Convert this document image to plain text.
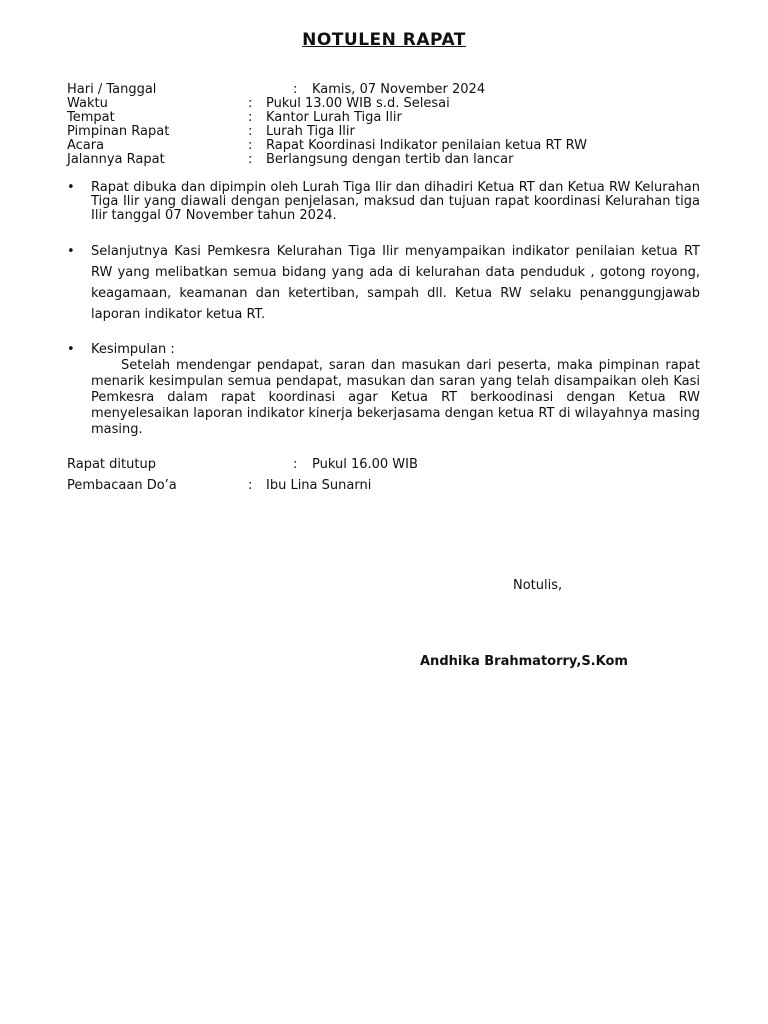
NOTULEN RAPAT
Hari / Tanggal	: Kamis, 07 November 2024
Waktu	: Pukul 13.00 WIB s.d. Selesai
Tempat	: Kantor Lurah Tiga Ilir
Pimpinan Rapat	: Lurah Tiga Ilir
Acara	: Rapat Koordinasi Indikator penilaian ketua RT RW
Jalannya Rapat	: Berlangsung dengan tertib dan lancar
•	Rapat dibuka dan dipimpin oleh Lurah Tiga Ilir dan dihadiri Ketua RT dan Ketua RW Kelurahan Tiga Ilir yang diawali dengan penjelasan, maksud dan tujuan rapat koordinasi Kelurahan tiga Ilir tanggal 07 November tahun 2024.
•	Selanjutnya Kasi Pemkesra Kelurahan Tiga Ilir menyampaikan indikator penilaian ketua RT RW yang melibatkan semua bidang yang ada di kelurahan data penduduk , gotong royong, keagamaan, keamanan dan ketertiban, sampah dll. Ketua RW selaku penanggungjawab laporan indikator ketua RT.
•	Kesimpulan :
Setelah mendengar pendapat, saran dan masukan dari peserta, maka pimpinan rapat menarik kesimpulan semua pendapat, masukan dan saran yang telah disampaikan oleh Kasi Pemkesra dalam rapat koordinasi agar Ketua RT berkoodinasi dengan Ketua RW menyelesaikan laporan indikator kinerja bekerjasama dengan ketua RT di wilayahnya masing masing.
Rapat ditutup	: Pukul 16.00 WIB
Pembacaan Do’a	: Ibu Lina Sunarni
Notulis,
Andhika Brahmatorry,S.Kom
